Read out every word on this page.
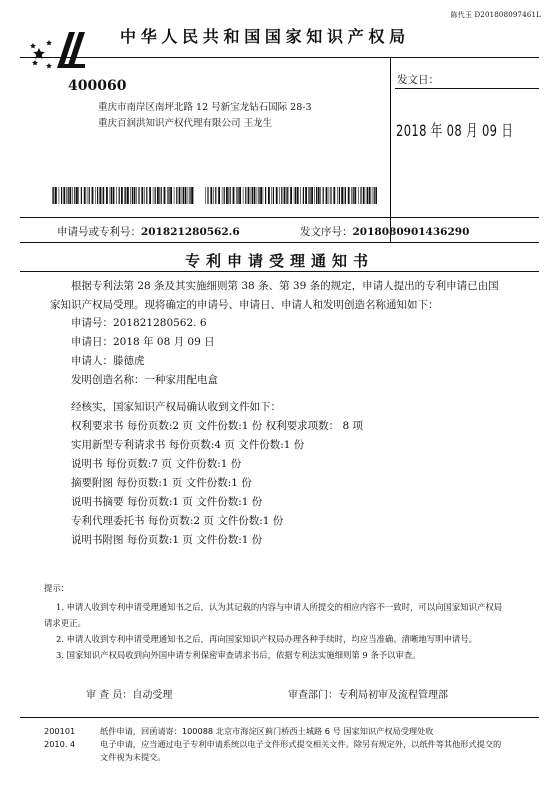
陈代玉 D201808097461L
中华人民共和国国家知识产权局
400060
重庆市南岸区南坪北路 12 号新宝龙钻石国际 28-3
重庆百润洪知识产权代理有限公司 王龙生
发文日：
2018 年 08 月 09 日
申请号或专利号：201821280562.6	发文序号：2018080901436290
专利申请受理通知书

根据专利法第 28 条及其实施细则第 38 条、第 39 条的规定，申请人提出的专利申请已由国家知识产权局受理。现将确定的申请号、申请日、申请人和发明创造名称通知如下：

申请号：201821280562. 6
申请日：2018 年 08 月 09 日
申请人：滕德虎
发明创造名称：一种家用配电盒
经核实，国家知识产权局确认收到文件如下：
权利要求书 每份页数:2 页 文件份数:1 份 权利要求项数： 8 项
实用新型专利请求书 每份页数:4 页 文件份数:1 份
说明书 每份页数:7 页 文件份数:1 份
摘要附图 每份页数:1 页 文件份数:1 份
说明书摘要 每份页数:1 页 文件份数:1 份
专利代理委托书 每份页数:2 页 文件份数:1 份
说明书附图 每份页数:1 页 文件份数:1 份
提示：
1. 申请人收到专利申请受理通知书之后，认为其记载的内容与申请人所提交的相应内容不一致时，可以向国家知识产权局
请求更正。
2. 申请人收到专利申请受理通知书之后，再向国家知识产权局办理各种手续时，均应当准确、清晰地写明申请号。
3. 国家知识产权局收到向外国申请专利保密审查请求书后，依据专利法实施细则第 9 条予以审查。
审 查 员：自动受理	审查部门：专利局初审及流程管理部
200101
2010. 4
纸件申请，回函请寄：100088 北京市海淀区蓟门桥西土城路 6 号 国家知识产权局受理处收
电子申请，应当通过电子专利申请系统以电子文件形式提交相关文件。除另有规定外，以纸件等其他形式提交的
文件视为未提交。
